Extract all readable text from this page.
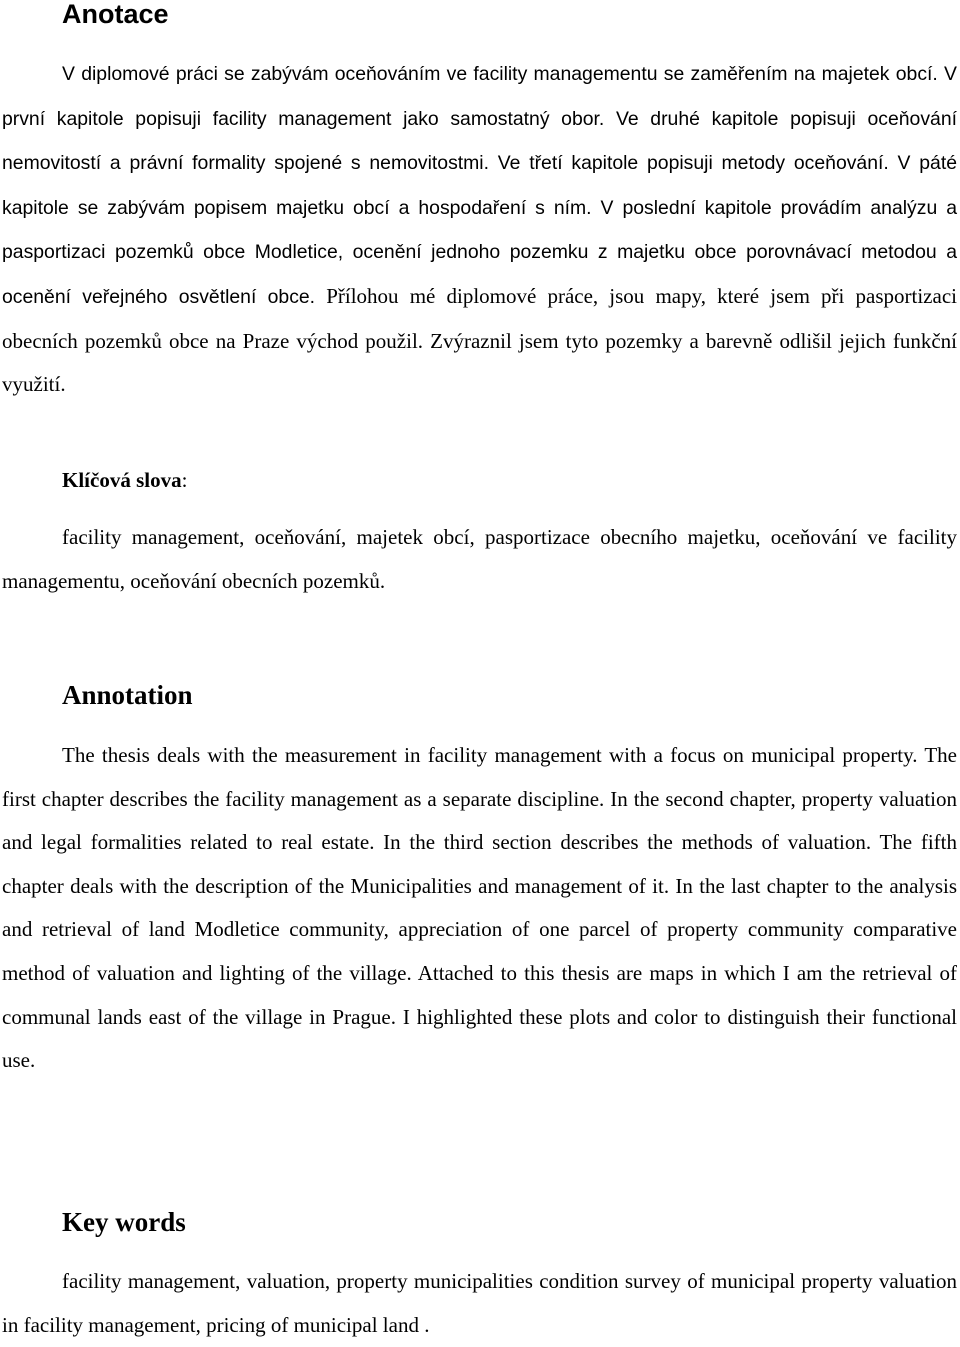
Anotace

V diplomové práci se zabývám oceňováním ve facility managementu se zaměřením na majetek obcí. V první kapitole popisuji facility management jako samostatný obor. Ve druhé kapitole popisuji oceňování nemovitostí a právní formality spojené s nemovitostmi. Ve třetí kapitole popisuji metody oceňování. V páté kapitole se zabývám popisem majetku obcí a hospodaření s ním. V poslední kapitole provádím analýzu a pasportizaci pozemků obce Modletice, ocenění jednoho pozemku z majetku obce porovnávací metodou a ocenění veřejného osvětlení obce. Přílohou mé diplomové práce, jsou mapy, které jsem při pasportizaci obecních pozemků obce na Praze východ použil. Zvýraznil jsem tyto pozemky a barevně odlišil jejich funkční využití.

Klíčová slova:

facility management, oceňování, majetek obcí, pasportizace obecního majetku, oceňování ve facility managementu, oceňování obecních pozemků.

Annotation

The thesis deals with the measurement in facility management with a focus on municipal property. The first chapter describes the facility management as a separate discipline. In the second chapter, property valuation and legal formalities related to real estate. In the third section describes the methods of valuation. The fifth chapter deals with the description of the Municipalities and management of it. In the last chapter to the analysis and retrieval of land Modletice community, appreciation of one parcel of property community comparative method of valuation and lighting of the village. Attached to this thesis are maps in which I am the retrieval of communal lands east of the village in Prague. I highlighted these plots and color to distinguish their functional use.

Key words

facility management, valuation, property municipalities condition survey of municipal property valuation in facility management, pricing of municipal land .
